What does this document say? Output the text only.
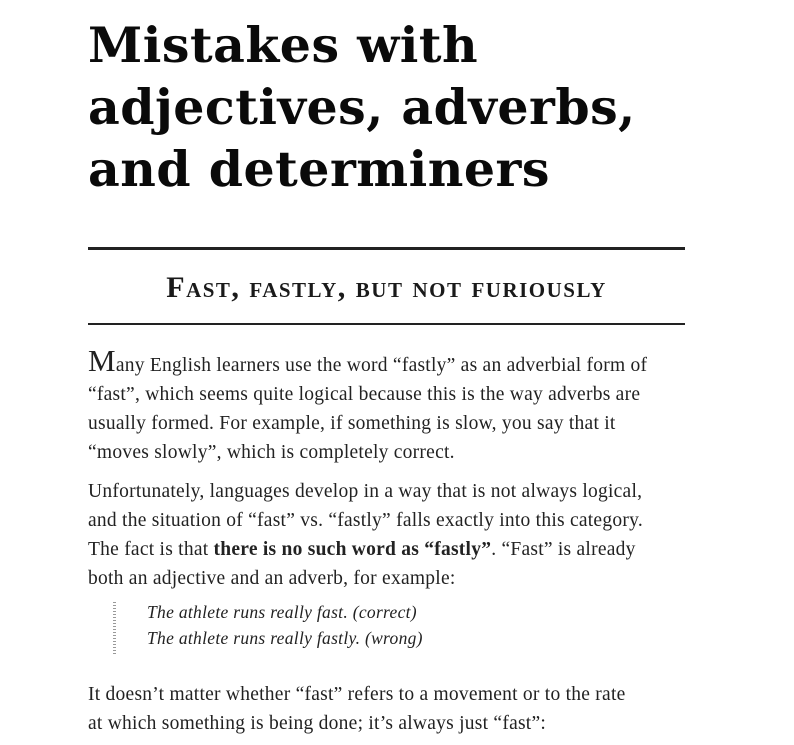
Mistakes with
adjectives, adverbs,
and determiners
Fast, fastly, but not furiously

Many English learners use the word “fastly” as an adverbial form of
“fast”, which seems quite logical because this is the way adverbs are
usually formed. For example, if something is slow, you say that it
“moves slowly”, which is completely correct.

Unfortunately, languages develop in a way that is not always logical,
and the situation of “fast” vs. “fastly” falls exactly into this category.
The fact is that there is no such word as “fastly”. “Fast” is already
both an adjective and an adverb, for example:

The athlete runs really fast. (correct)
The athlete runs really fastly. (wrong)

It doesn’t matter whether “fast” refers to a movement or to the rate
at which something is being done; it’s always just “fast”:
